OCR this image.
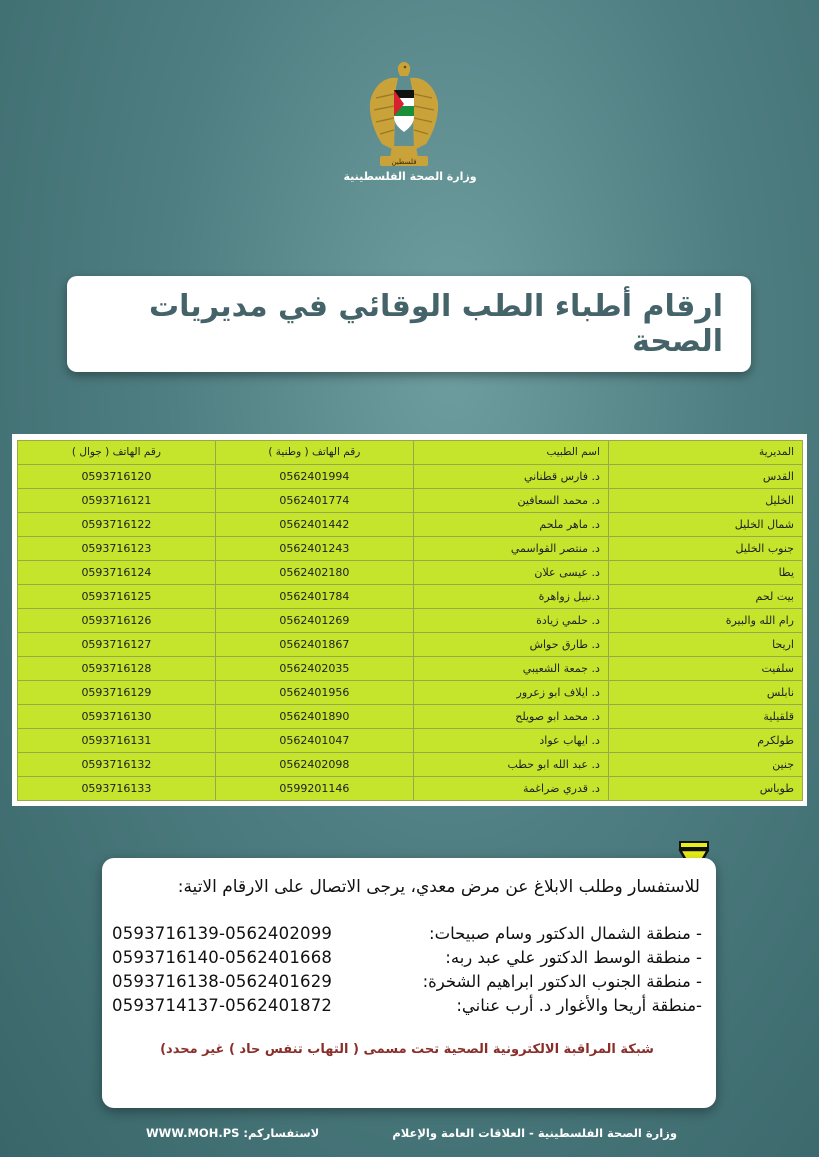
فلسطين
وزارة الصحة الفلسطينية
ارقام أطباء الطب الوقائي في مديريات الصحة
المديرية	اسم الطبيب	رقم الهاتف ( وطنية )	رقم الهاتف ( جوال )
القدس	د. فارس قطناني	0562401994	0593716120
الخليل	د. محمد السعافين	0562401774	0593716121
شمال الخليل	د. ماهر ملحم	0562401442	0593716122
جنوب الخليل	د. منتصر القواسمي	0562401243	0593716123
يطا	د. عيسى علان	0562402180	0593716124
بيت لحم	د.نبيل زواهرة	0562401784	0593716125
رام الله والبيرة	د. حلمي زيادة	0562401269	0593716126
اريحا	د. طارق حواش	0562401867	0593716127
سلفيت	د. جمعة الشعيبي	0562402035	0593716128
نابلس	د. ايلاف ابو زعرور	0562401956	0593716129
قلقيلية	د. محمد ابو صويلح	0562401890	0593716130
طولكرم	د. ايهاب عواد	0562401047	0593716131
جنين	د. عبد الله ابو حطب	0562402098	0593716132
طوباس	د. قدري ضراغمة	0599201146	0593716133

للاستفسار وطلب الابلاغ عن مرض معدي، يرجى الاتصال على الارقام الاتية:

0593716139-0562402099	- منطقة الشمال الدكتور وسام صبيحات:
0593716140-0562401668	- منطقة الوسط الدكتور علي عبد ربه:
0593716138-0562401629	- منطقة الجنوب الدكتور ابراهيم الشخرة:
0593714137-0562401872	-منطقة أريحا والأغوار د. أرب عناني:
شبكة المراقبة الالكترونية الصحية تحت مسمى ( التهاب تنفس حاد ) غير محدد)
WWW.MOH.PS :لاستفساركم	وزارة الصحة الفلسطينية - العلاقات العامة والإعلام
